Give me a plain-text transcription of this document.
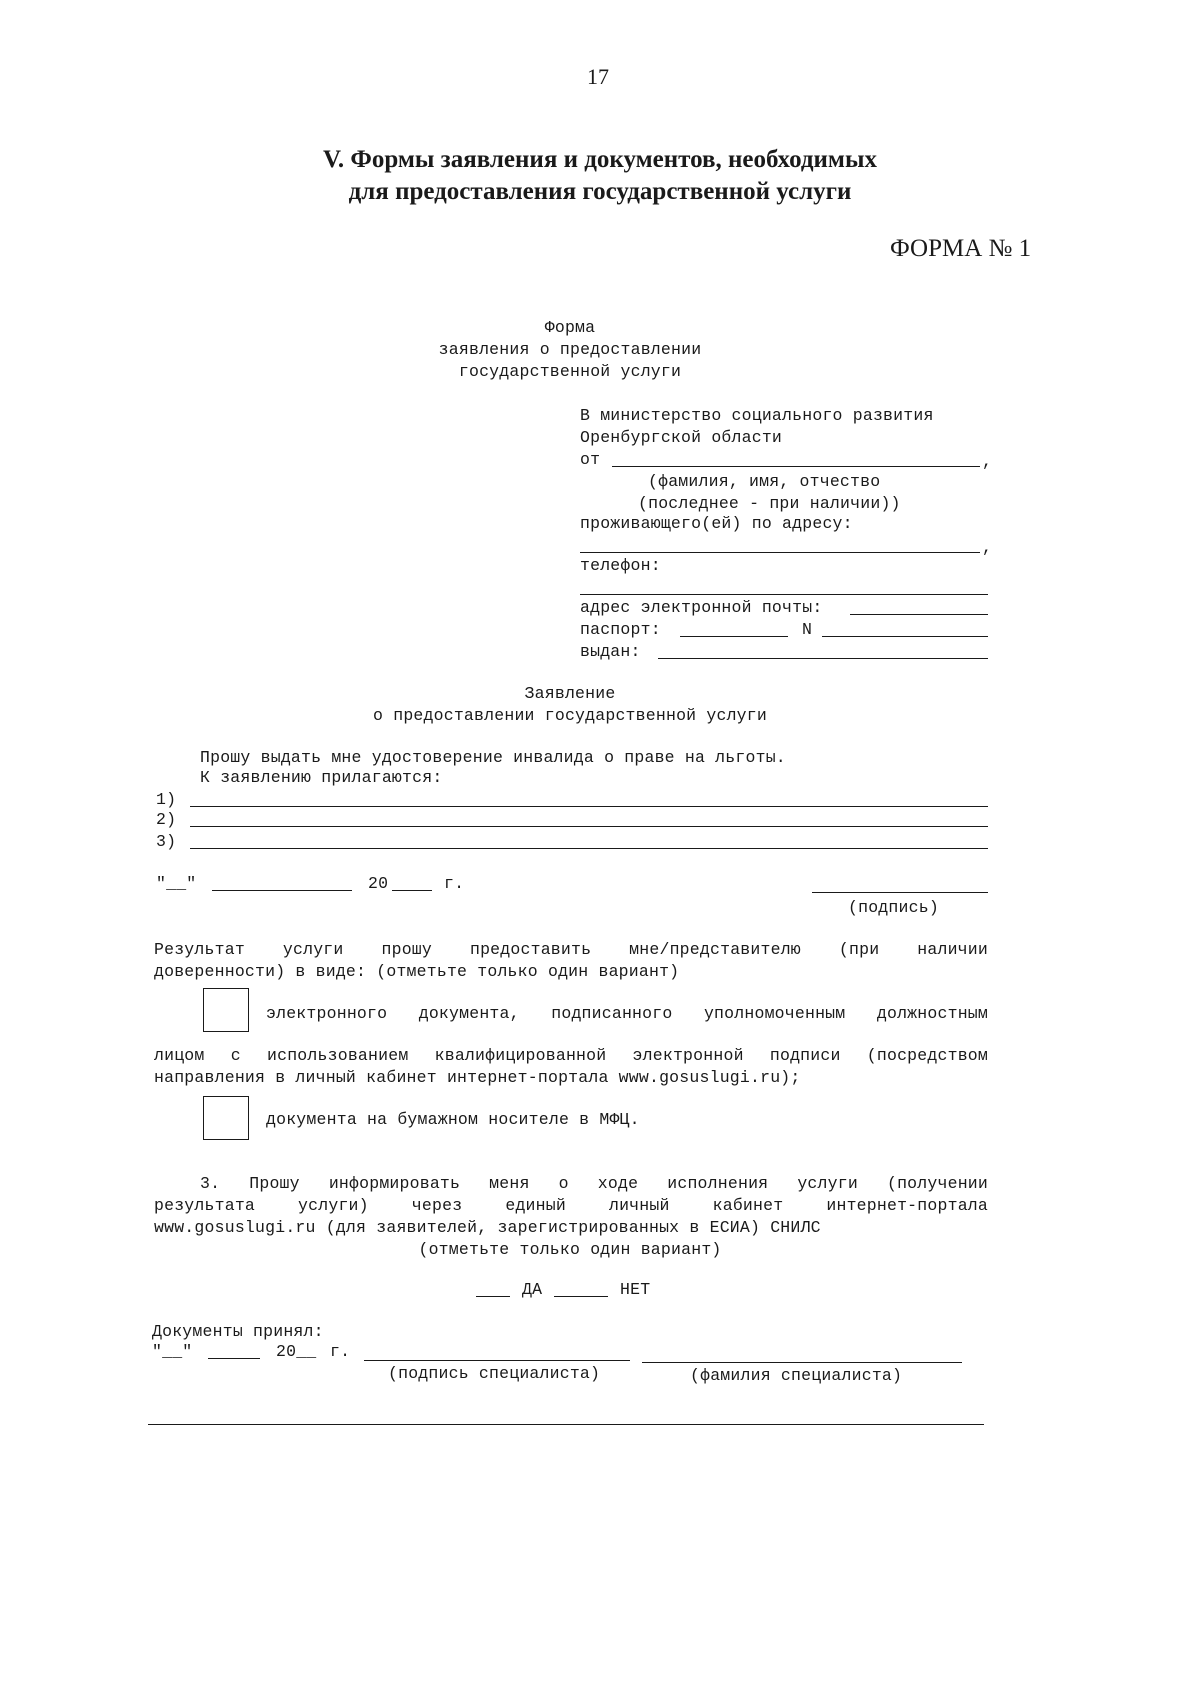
17
V. Формы заявления и документов, необходимых
для предоставления государственной услуги
ФОРМА № 1
Форма
заявления о предоставлении
государственной услуги
В министерство социального развития
Оренбургской области
от	,
(фамилия, имя, отчество
(последнее - при наличии))
проживающего(ей) по адресу:
,
телефон:
адрес электронной почты:
паспорт:	N
выдан:
Заявление
о предоставлении государственной услуги
Прошу выдать мне удостоверение инвалида о праве на льготы.
К заявлению прилагаются:
1)
2)
3)
"__"	20	г.
(подпись)
Результат услуги прошу предоставить мне/представителю (при наличии
доверенности) в виде: (отметьте только один вариант)
электронного документа, подписанного уполномоченным должностным
лицом с использованием квалифицированной электронной подписи (посредством
направления в личный кабинет интернет-портала www.gosuslugi.ru);
документа на бумажном носителе в МФЦ.
3. Прошу информировать меня о ходе исполнения услуги (получении
результата услуги) через единый личный кабинет интернет-портала
www.gosuslugi.ru (для заявителей, зарегистрированных в ЕСИА) СНИЛС
(отметьте только один вариант)
ДА	НЕТ
Документы принял:
"__"	20__ г.
(подпись специалиста)	(фамилия специалиста)
